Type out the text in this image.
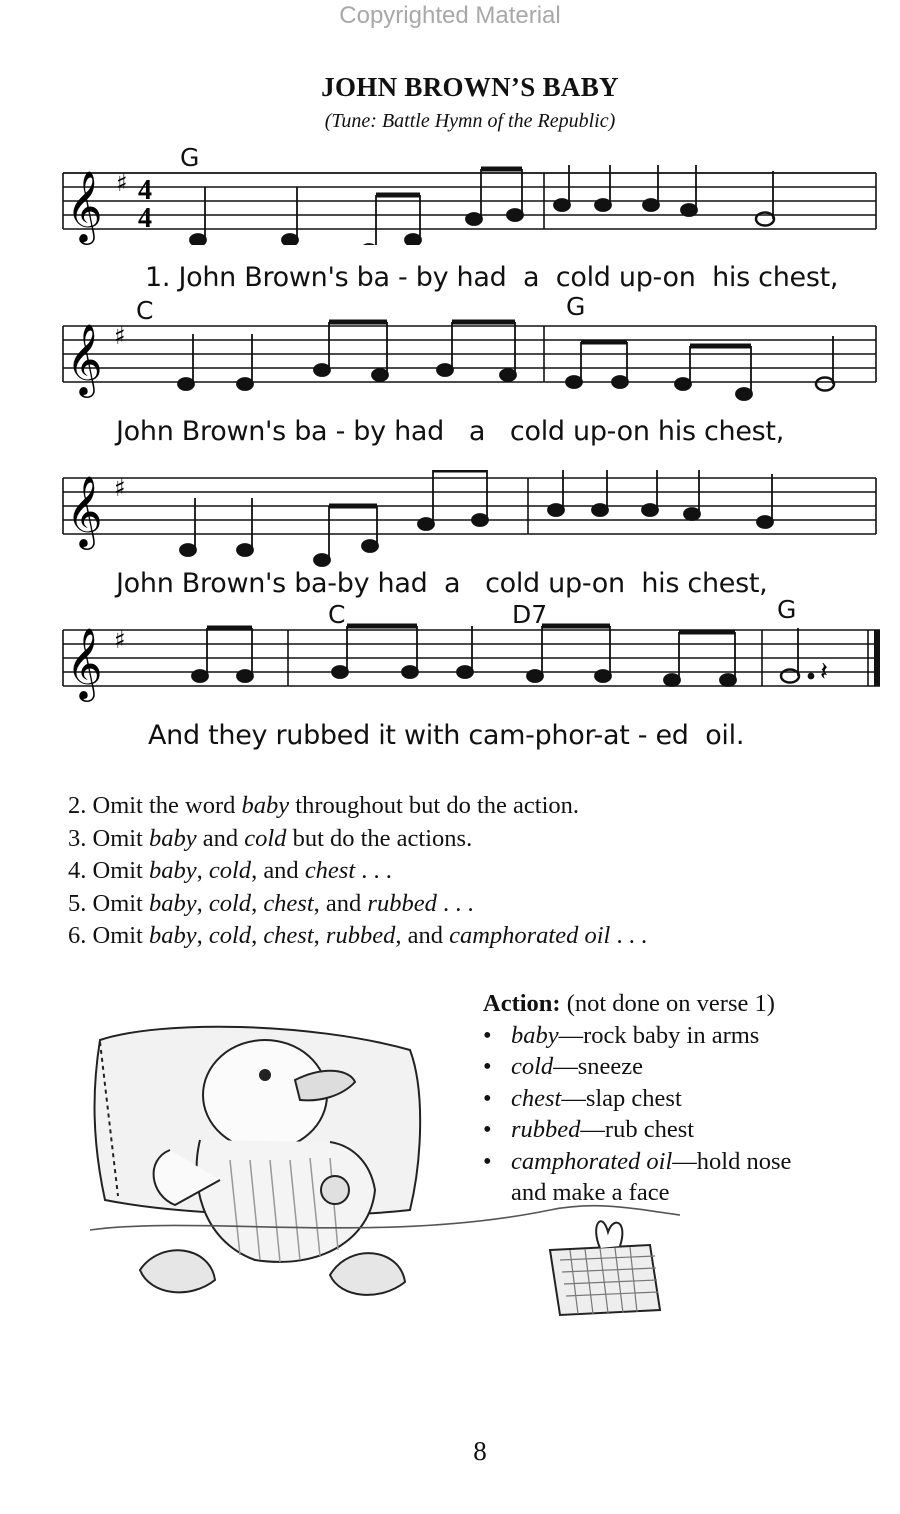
Copyrighted Material
JOHN BROWN’S BABY
(Tune: Battle Hymn of the Republic)
𝄞 ♯ 4
4
G
1. John Brown's ba - by had  a  cold up-on  his chest,
𝄞 ♯
C	G
John Brown's ba - by had   a   cold up-on his chest,
𝄞 ♯
John Brown's ba-by had  a   cold up-on  his chest,
𝄞 ♯
𝄽
C	D7	G
And they rubbed it with cam-phor-at - ed  oil.
2. Omit the word baby throughout but do the action.
3. Omit baby and cold but do the actions.
4. Omit baby, cold, and chest . . .
5. Omit baby, cold, chest, and rubbed . . .
6. Omit baby, cold, chest, rubbed, and camphorated oil . . .
Action: (not done on verse 1)
• baby—rock baby in arms
• cold—sneeze
• chest—slap chest
• rubbed—rub chest
• camphorated oil—hold nose
and make a face
8
